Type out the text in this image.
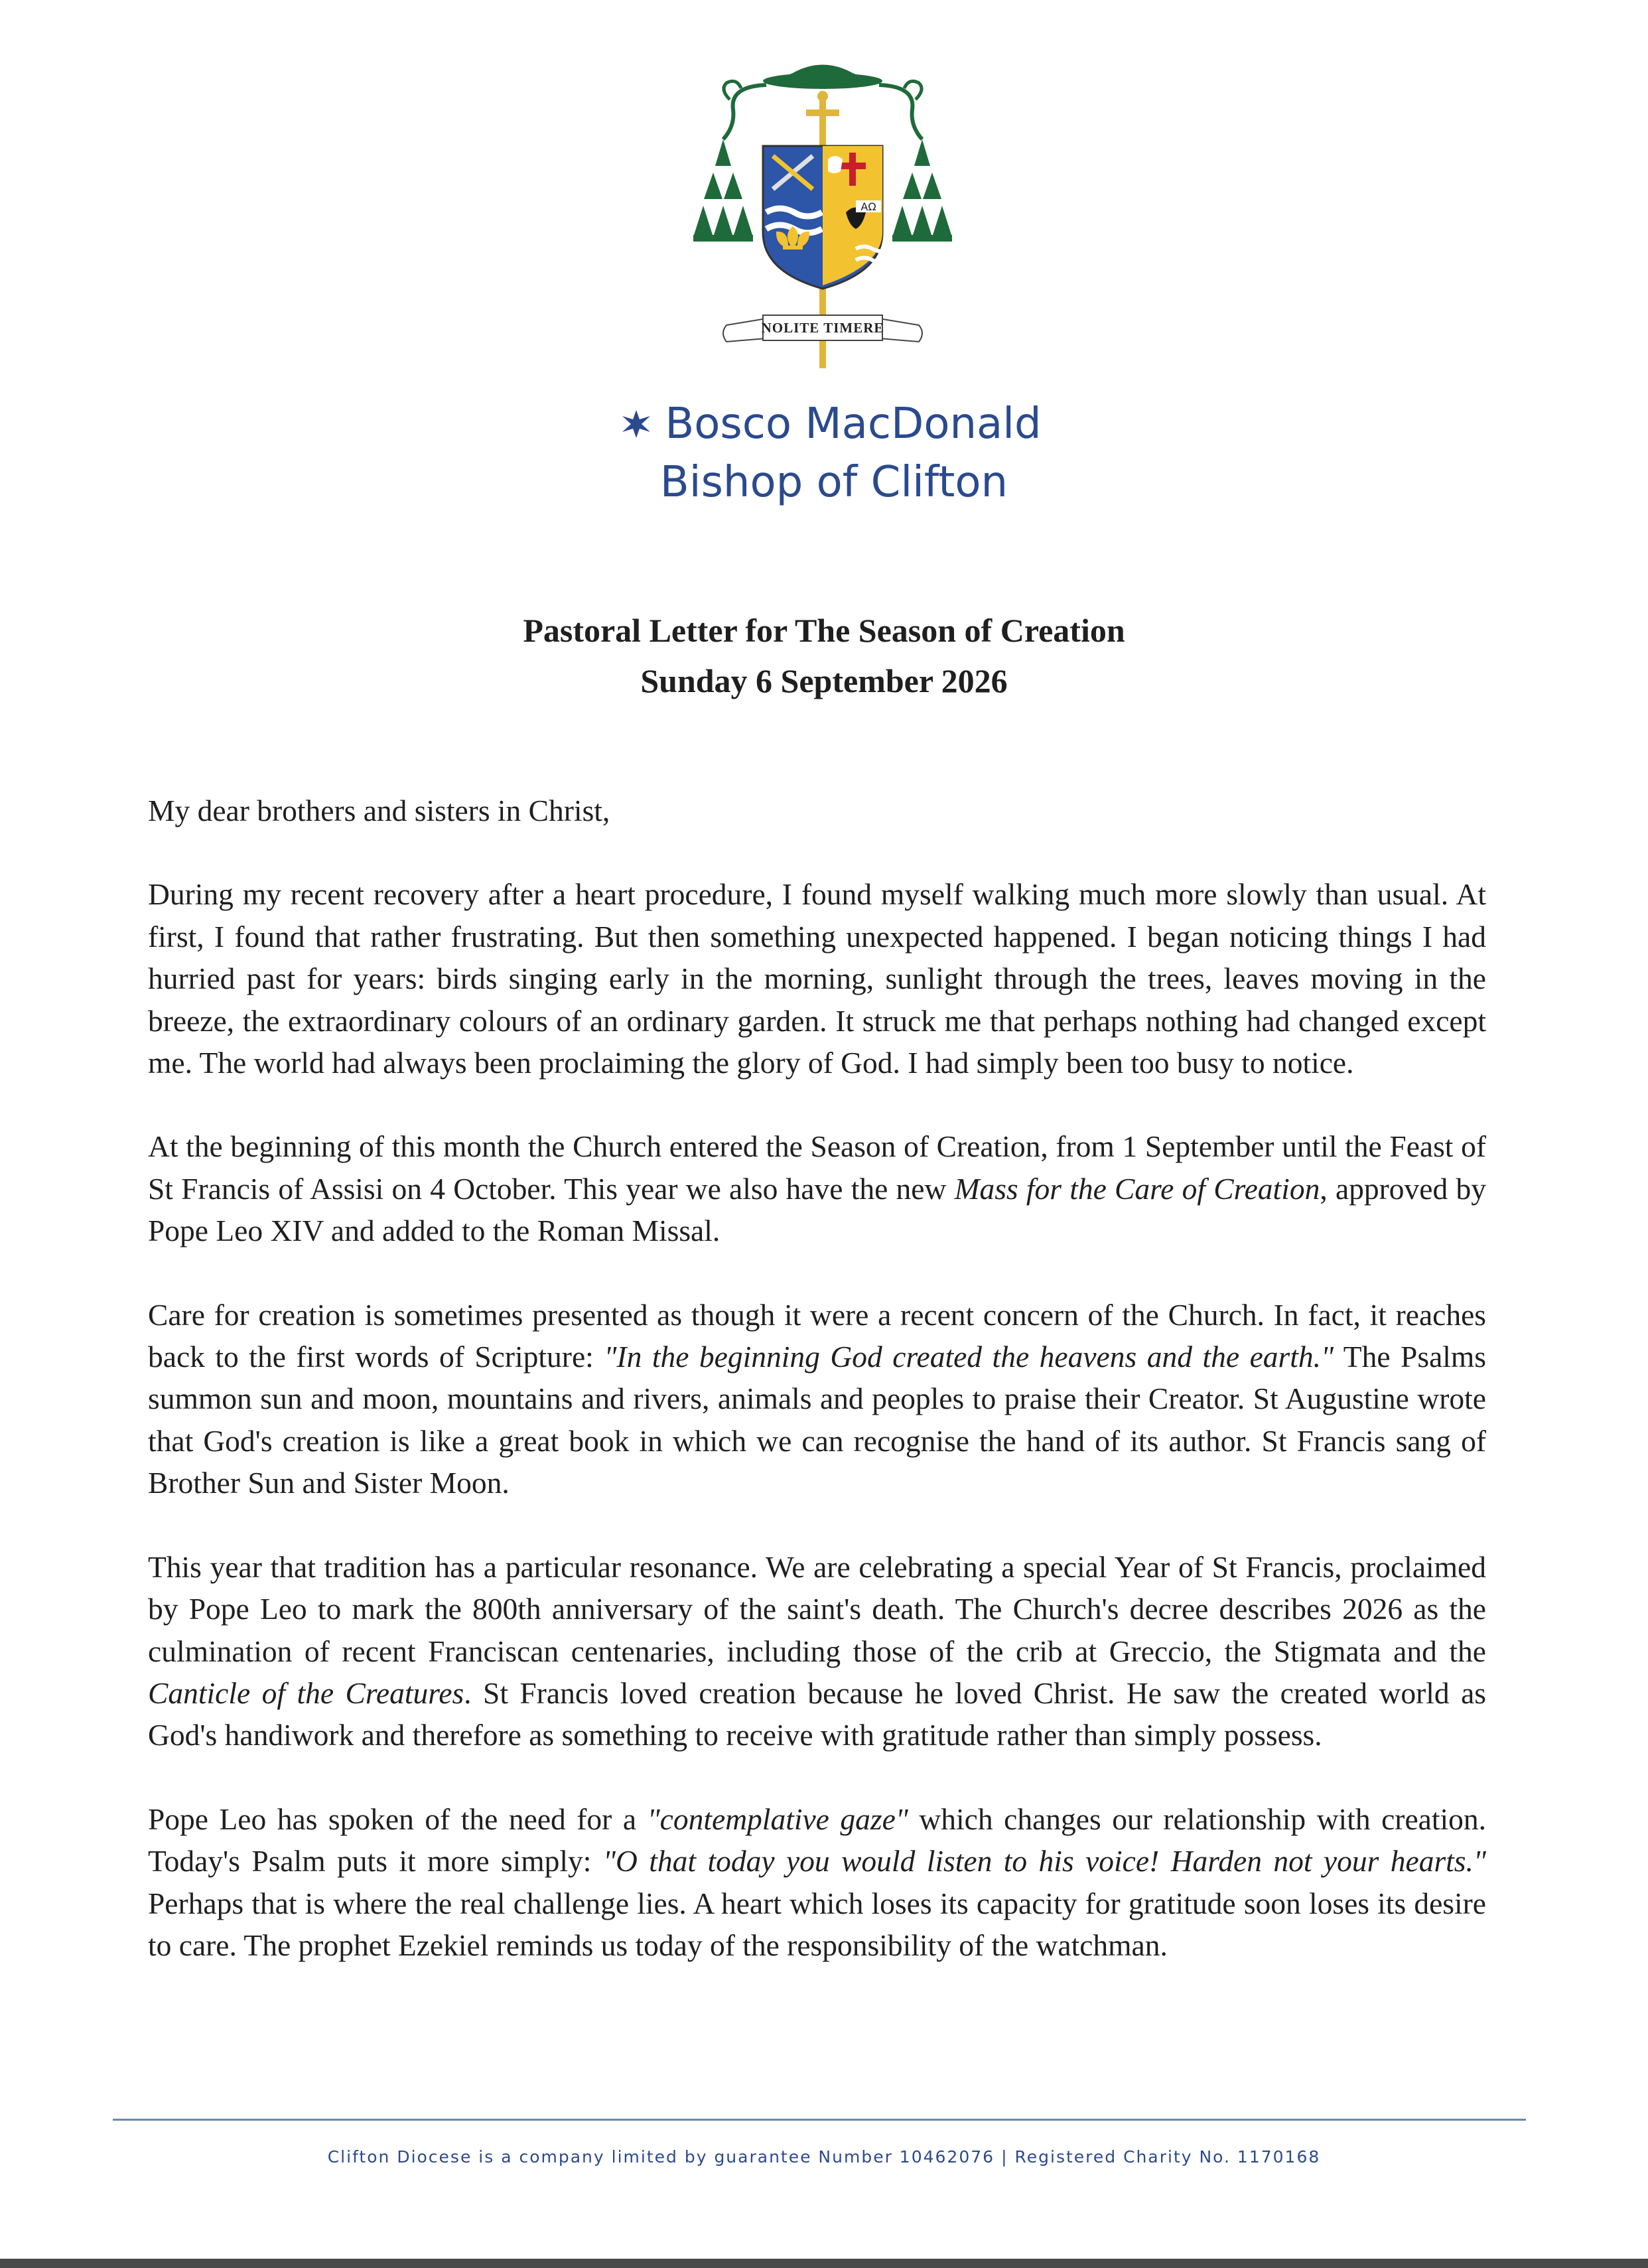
AΩ
NOLITE TIMERE
Bosco MacDonald
Bishop of Clifton
Pastoral Letter for The Season of Creation
Sunday 6 September 2026

My dear brothers and sisters in Christ,

During my recent recovery after a heart procedure, I found myself walking much more slowly than usual. At first, I found that rather frustrating. But then something unexpected happened. I began noticing things I had hurried past for years: birds singing early in the morning, sunlight through the trees, leaves moving in the breeze, the extraordinary colours of an ordinary garden. It struck me that perhaps nothing had changed except me. The world had always been proclaiming the glory of God. I had simply been too busy to notice.

At the beginning of this month the Church entered the Season of Creation, from 1 September until the Feast of St Francis of Assisi on 4 October. This year we also have the new Mass for the Care of Creation, approved by Pope Leo XIV and added to the Roman Missal.

Care for creation is sometimes presented as though it were a recent concern of the Church. In fact, it reaches back to the first words of Scripture: "In the beginning God created the heavens and the earth." The Psalms summon sun and moon, mountains and rivers, animals and peoples to praise their Creator. St Augustine wrote that God's creation is like a great book in which we can recognise the hand of its author. St Francis sang of Brother Sun and Sister Moon.

This year that tradition has a particular resonance. We are celebrating a special Year of St Francis, proclaimed by Pope Leo to mark the 800th anniversary of the saint's death. The Church's decree describes 2026 as the culmination of recent Franciscan centenaries, including those of the crib at Greccio, the Stigmata and the Canticle of the Creatures. St Francis loved creation because he loved Christ. He saw the created world as God's handiwork and therefore as something to receive with gratitude rather than simply possess.

Pope Leo has spoken of the need for a "contemplative gaze" which changes our relationship with creation. Today's Psalm puts it more simply: "O that today you would listen to his voice! Harden not your hearts." Perhaps that is where the real challenge lies. A heart which loses its capacity for gratitude soon loses its desire to care. The prophet Ezekiel reminds us today of the responsibility of the watchman.

Clifton Diocese is a company limited by guarantee Number 10462076 | Registered Charity No. 1170168
